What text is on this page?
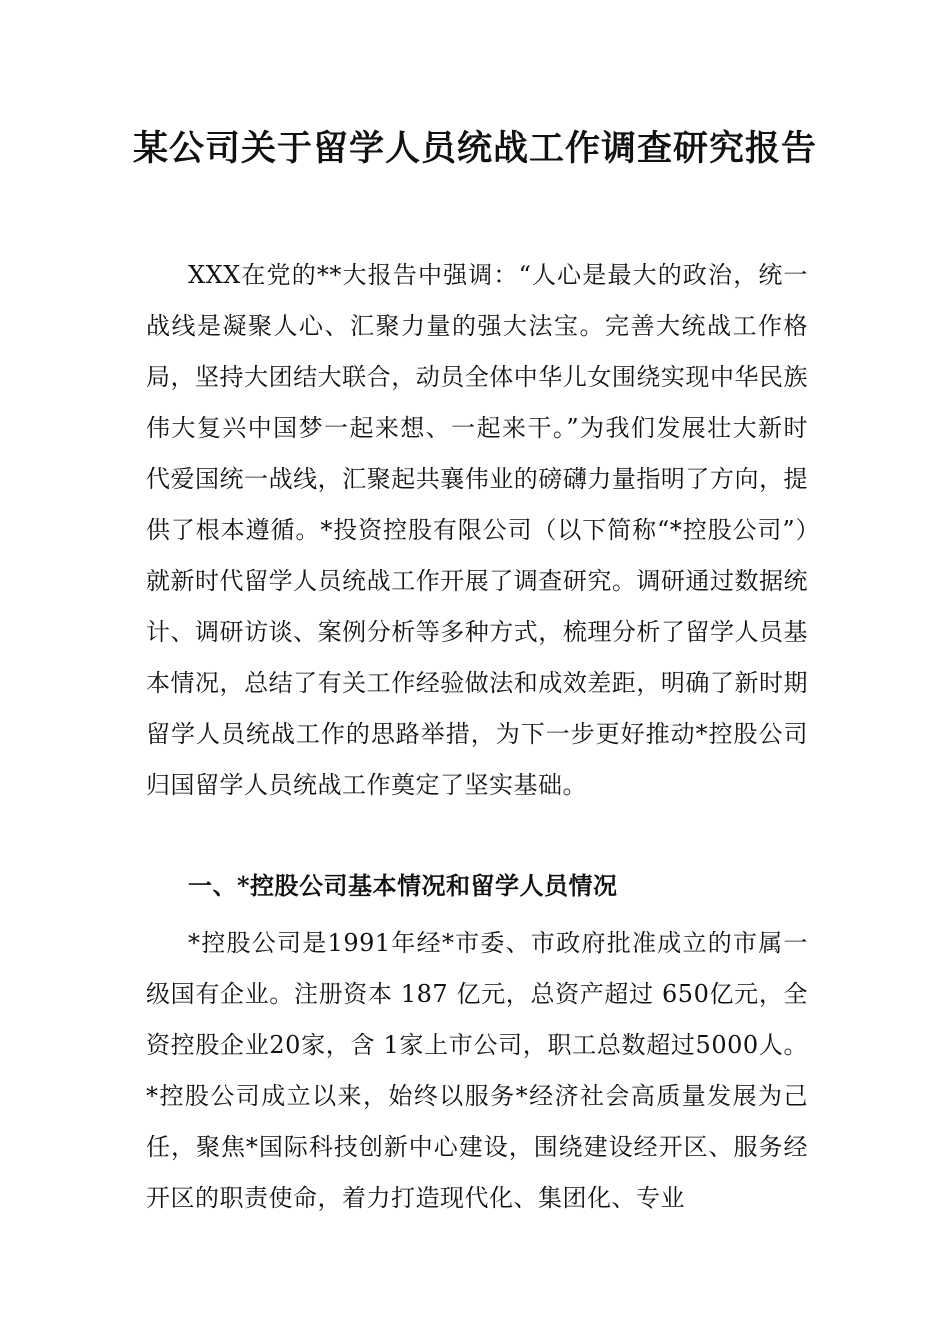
某公司关于留学人员统战工作调查研究报告

XXX在党的**大报告中强调：“人心是最大的政治，统一战线是凝聚人心、汇聚力量的强大法宝。完善大统战工作格局，坚持大团结大联合，动员全体中华儿女围绕实现中华民族伟大复兴中国梦一起来想、一起来干。”为我们发展壮大新时代爱国统一战线，汇聚起共襄伟业的磅礴力量指明了方向，提供了根本遵循。*投资控股有限公司（以下简称“*控股公司”）就新时代留学人员统战工作开展了调查研究。调研通过数据统计、调研访谈、案例分析等多种方式，梳理分析了留学人员基本情况，总结了有关工作经验做法和成效差距，明确了新时期留学人员统战工作的思路举措，为下一步更好推动*控股公司归国留学人员统战工作奠定了坚实基础。

一、*控股公司基本情况和留学人员情况

*控股公司是1991年经*市委、市政府批准成立的市属一级国有企业。注册资本 187 亿元，总资产超过 650亿元，全资控股企业20家，含 1家上市公司，职工总数超过5000人。*控股公司成立以来，始终以服务*经济社会高质量发展为己任，聚焦*国际科技创新中心建设，围绕建设经开区、服务经开区的职责使命，着力打造现代化、集团化、专业
